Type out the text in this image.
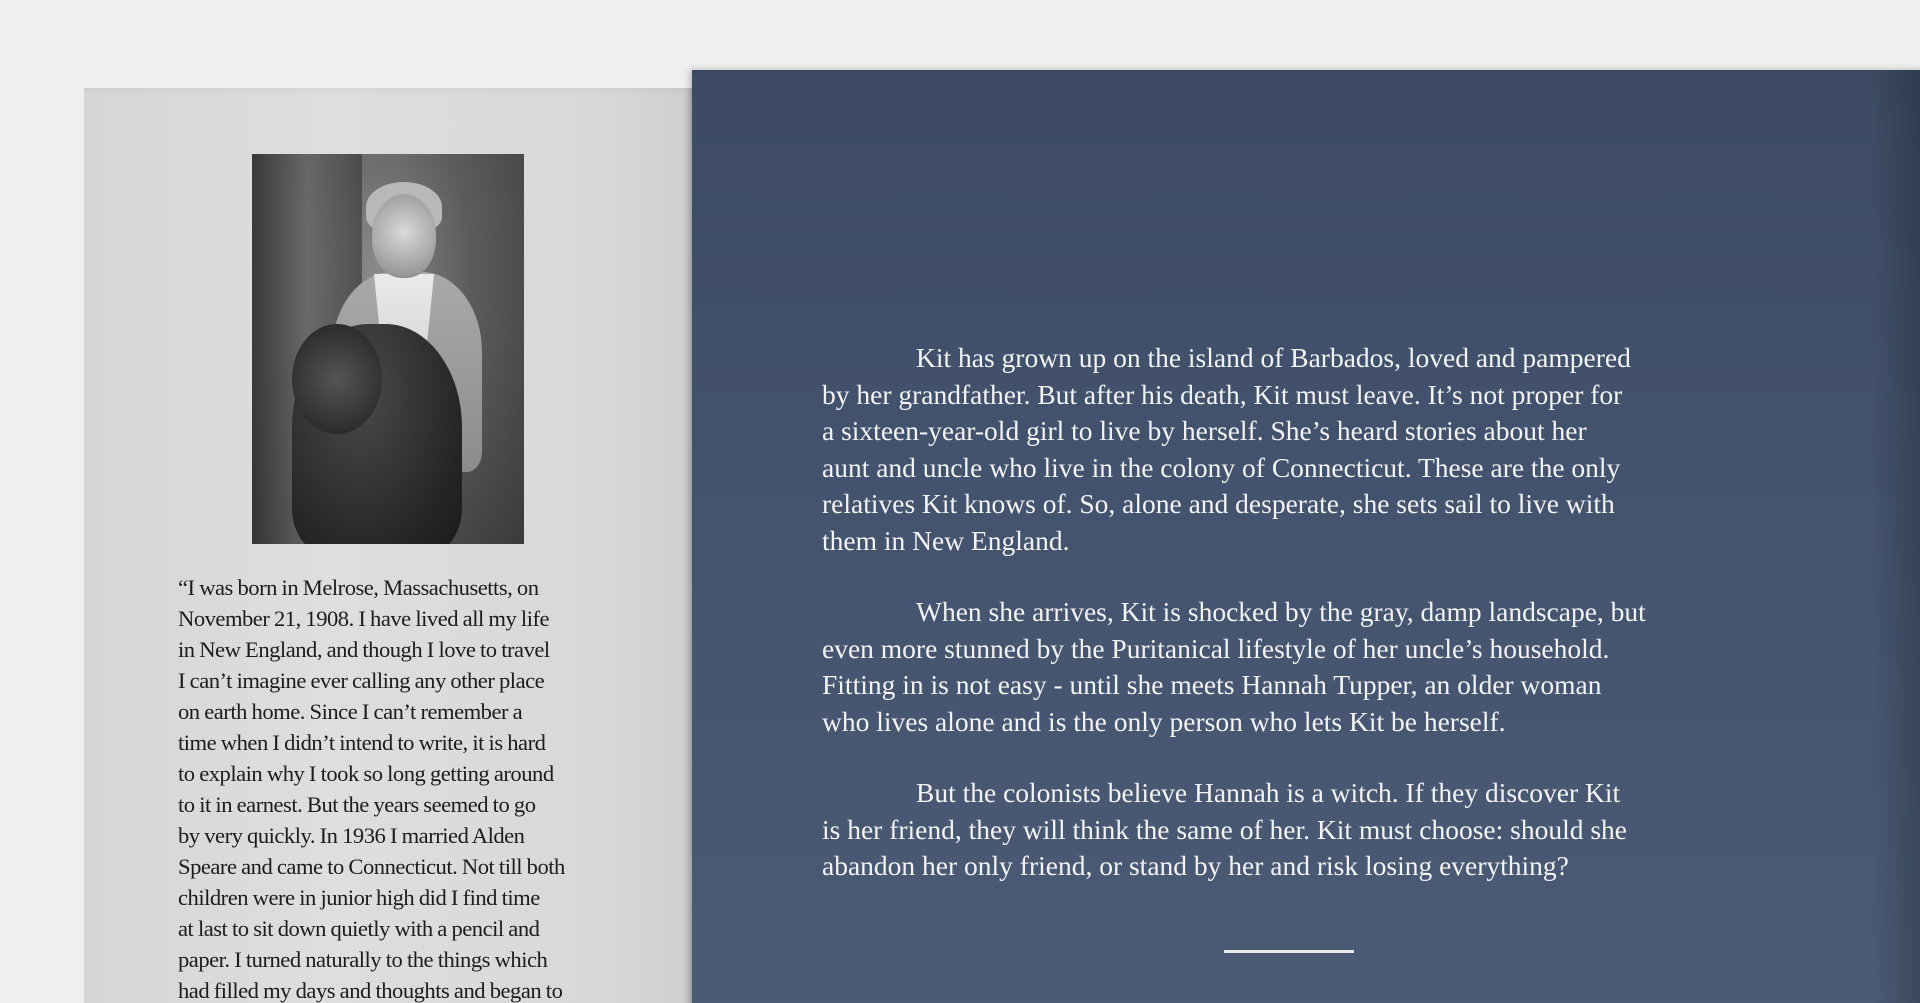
“I was born in Melrose, Massachusetts, on
November 21, 1908. I have lived all my life
in New England, and though I love to travel
I can’t imagine ever calling any other place
on earth home. Since I can’t remember a
time when I didn’t intend to write, it is hard
to explain why I took so long getting around
to it in earnest. But the years seemed to go
by very quickly. In 1936 I married Alden
Speare and came to Connecticut. Not till both
children were in junior high did I find time
at last to sit down quietly with a pencil and
paper. I turned naturally to the things which
had filled my days and thoughts and began to

Kit has grown up on the island of Barbados, loved and pampered
by her grandfather. But after his death, Kit must leave. It’s not proper for
a sixteen-year-old girl to live by herself. She’s heard stories about her
aunt and uncle who live in the colony of Connecticut. These are the only
relatives Kit knows of. So, alone and desperate, she sets sail to live with
them in New England.

When she arrives, Kit is shocked by the gray, damp landscape, but
even more stunned by the Puritanical lifestyle of her uncle’s household.
Fitting in is not easy - until she meets Hannah Tupper, an older woman
who lives alone and is the only person who lets Kit be herself.

But the colonists believe Hannah is a witch. If they discover Kit
is her friend, they will think the same of her. Kit must choose: should she
abandon her only friend, or stand by her and risk losing everything?
